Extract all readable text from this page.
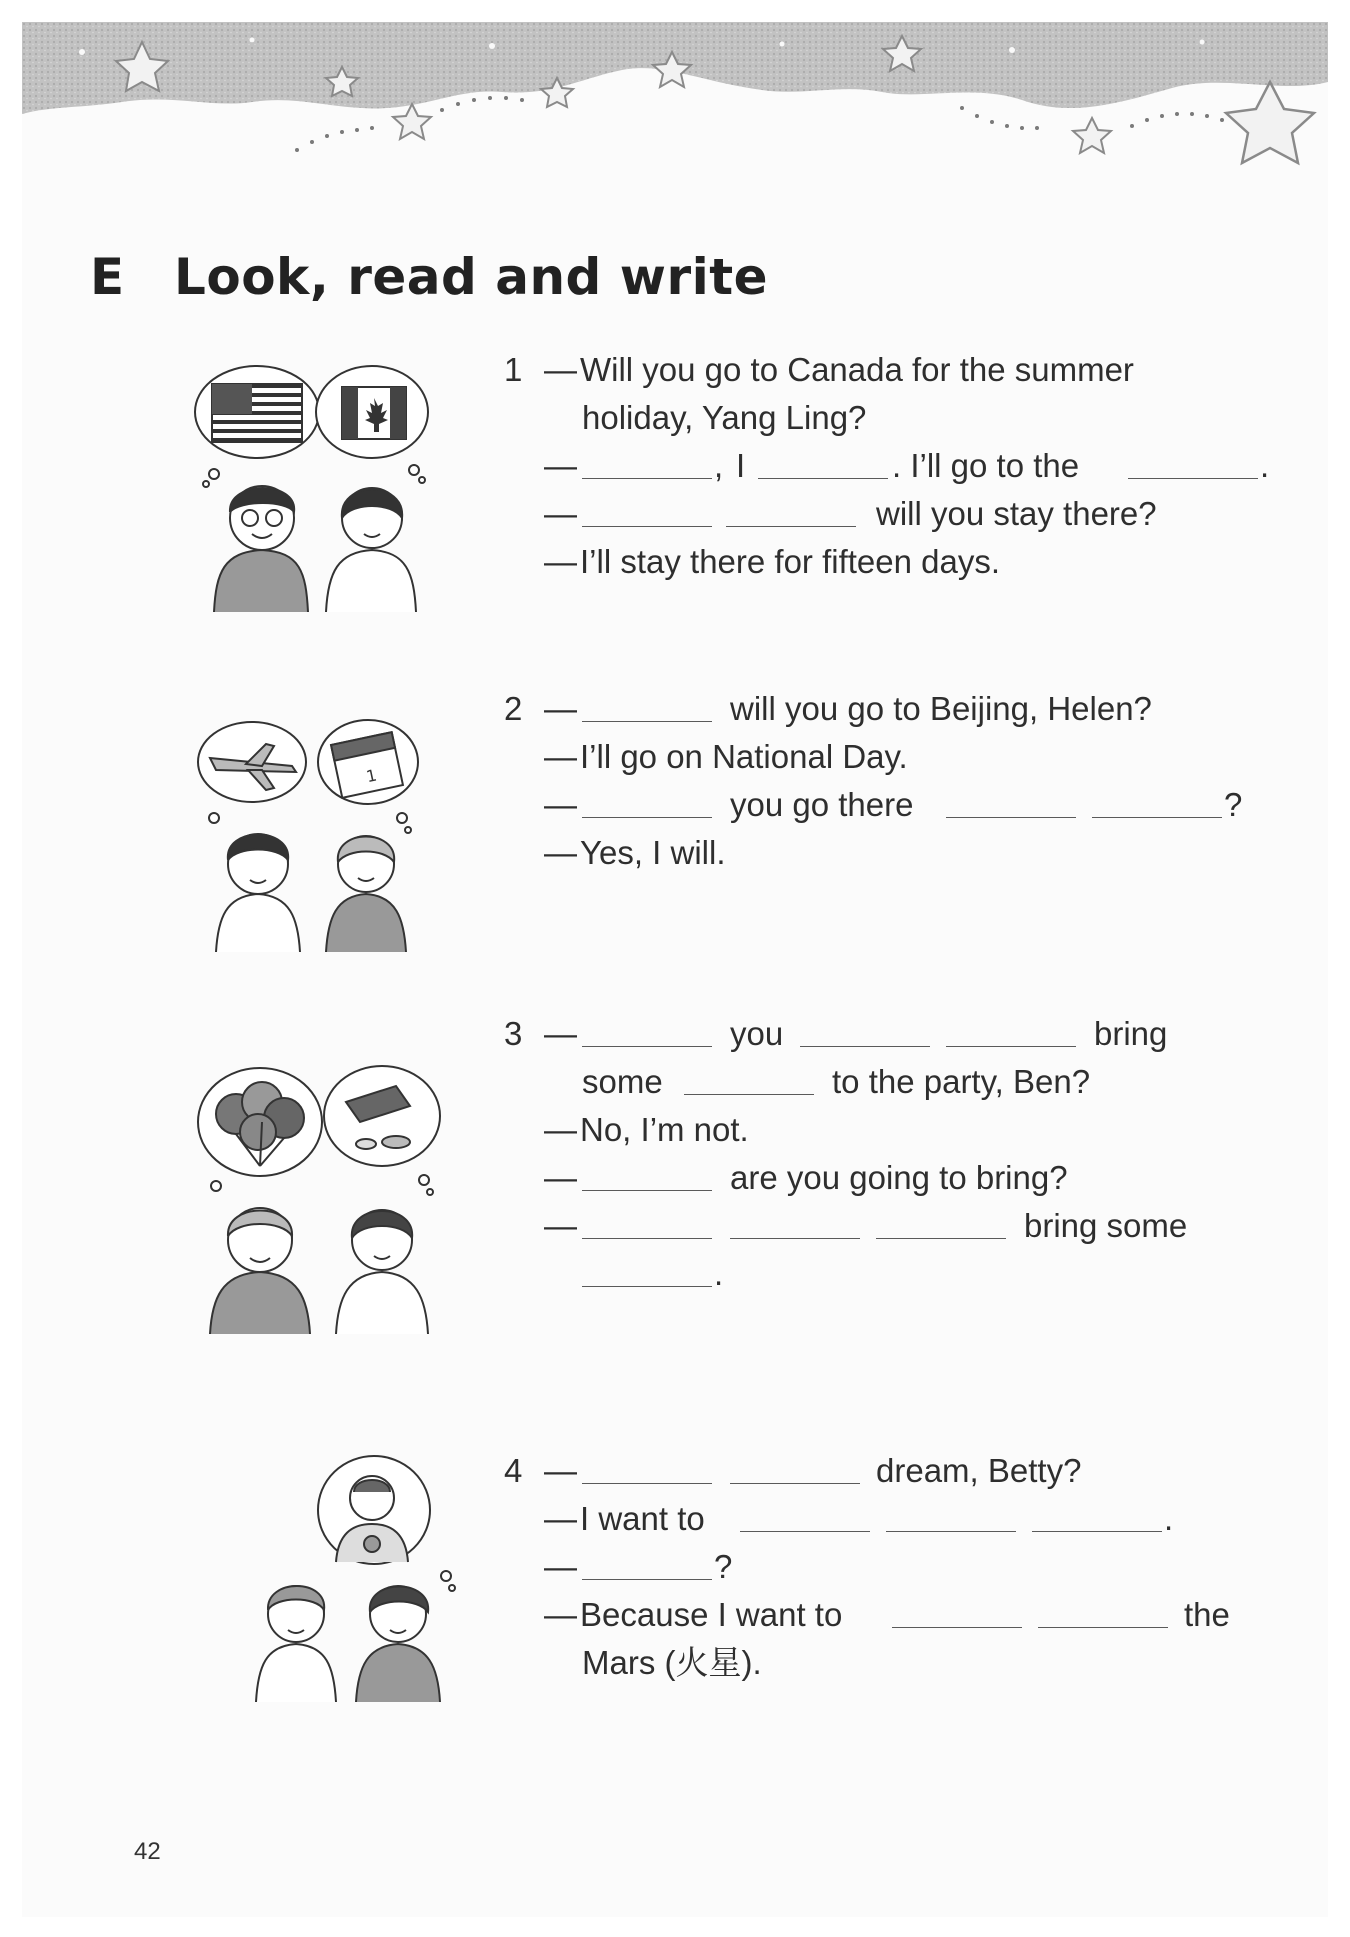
E Look, read and write
1
1 — Will you go to Canada for the summer
holiday, Yang Ling?
—	, I	. I’ll go to the	.
—	will you stay there?
— I’ll stay there for fifteen days.
2 —	will you go to Beijing, Helen?
— I’ll go on National Day.
—	you go there	?
— Yes, I will.
3 —	you	bring
some	to the party, Ben?
— No, I’m not.
—	are you going to bring?
—	bring some
.
4 —	dream, Betty?
— I want to	.
—	?
— Because I want to	the
Mars (火星).
42
